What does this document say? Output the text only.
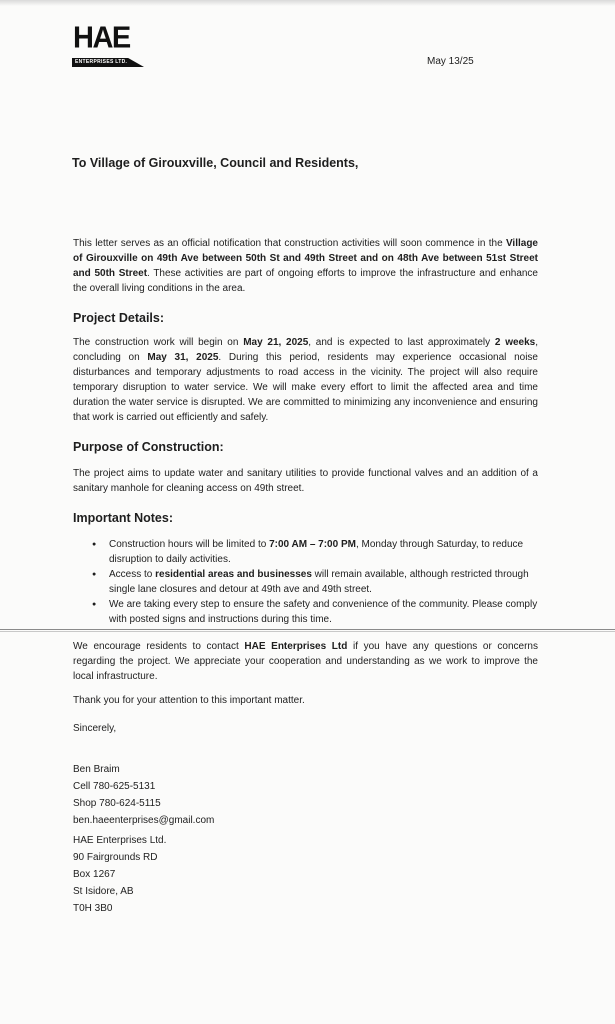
HAE
ENTERPRISES LTD.	May 13/25
To Village of Girouxville, Council and Residents,

This letter serves as an official notification that construction activities will soon commence in the Village of Girouxville on 49th Ave between 50th St and 49th Street and on 48th Ave between 51st Street and 50th Street. These activities are part of ongoing efforts to improve the infrastructure and enhance the overall living conditions in the area.

Project Details:

The construction work will begin on May 21, 2025, and is expected to last approximately 2 weeks, concluding on May 31, 2025. During this period, residents may experience occasional noise disturbances and temporary adjustments to road access in the vicinity. The project will also require temporary disruption to water service. We will make every effort to limit the affected area and time duration the water service is disrupted. We are committed to minimizing any inconvenience and ensuring that work is carried out efficiently and safely.

Purpose of Construction:

The project aims to update water and sanitary utilities to provide functional valves and an addition of a sanitary manhole for cleaning access on 49th street.

Important Notes:
● Construction hours will be limited to 7:00 AM – 7:00 PM, Monday through Saturday, to reduce disruption to daily activities.
● Access to residential areas and businesses will remain available, although restricted through single lane closures and detour at 49th ave and 49th street.
● We are taking every step to ensure the safety and convenience of the community. Please comply with posted signs and instructions during this time.

We encourage residents to contact HAE Enterprises Ltd if you have any questions or concerns regarding the project. We appreciate your cooperation and understanding as we work to improve the local infrastructure.

Thank you for your attention to this important matter.

Sincerely,

Ben Braim
Cell 780-625-5131
Shop 780-624-5115
ben.haeenterprises@gmail.com
HAE Enterprises Ltd.
90 Fairgrounds RD
Box 1267
St Isidore, AB
T0H 3B0
